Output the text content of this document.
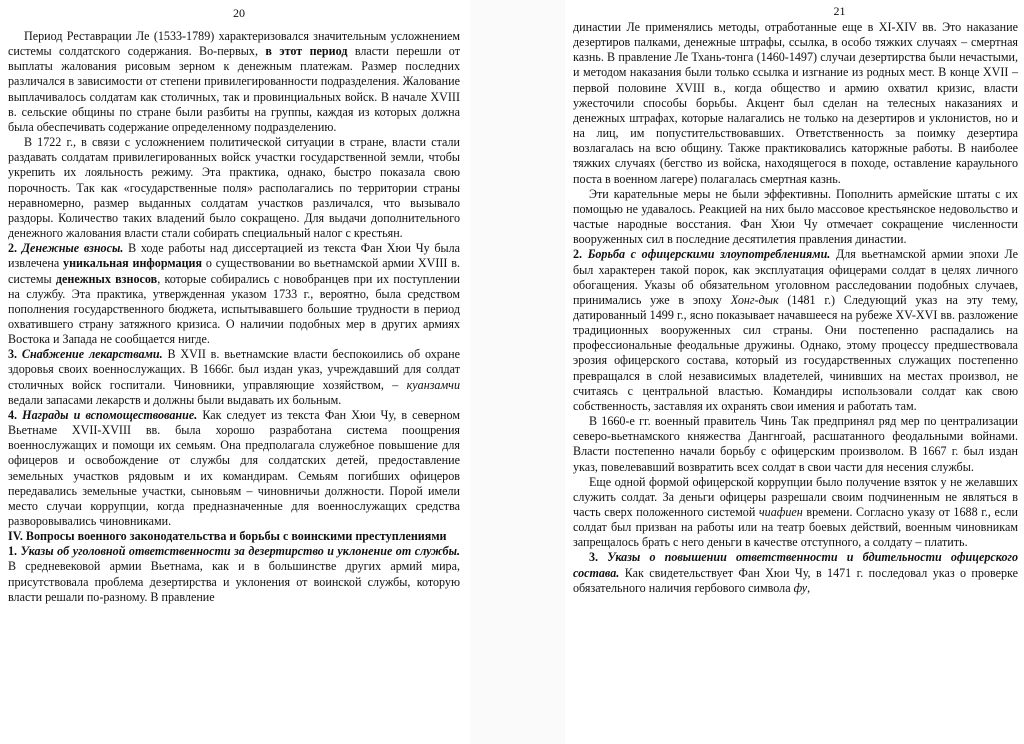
20

Период Реставрации Ле (1533-1789) характеризовался значительным усложнением системы солдатского содержания. Во-первых, в этот период власти перешли от выплаты жалования рисовым зерном к денежным платежам. Размер последних различался в зависимости от степени привилегированности подразделения. Жалование выплачивалось солдатам как столичных, так и провинциальных войск. В начале XVIII в. сельские общины по стране были разбиты на группы, каждая из которых должна была обеспечивать содержание определенному подразделению.

В 1722 г., в связи с усложнением политической ситуации в стране, власти стали раздавать солдатам привилегированных войск участки государственной земли, чтобы укрепить их лояльность режиму. Эта практика, однако, быстро показала свою порочность. Так как «государственные поля» располагались по территории страны неравномерно, размер выданных солдатам участков различался, что вызывало раздоры. Количество таких владений было сокращено. Для выдачи дополнительного денежного жалования власти стали собирать специальный налог с крестьян.

2. Денежные взносы. В ходе работы над диссертацией из текста Фан Хюи Чу была извлечена уникальная информация о существовании во вьетнамской армии XVIII в. системы денежных взносов, которые собирались с новобранцев при их поступлении на службу. Эта практика, утвержденная указом 1733 г., вероятно, была средством пополнения государственного бюджета, испытывавшего большие трудности в период охватившего страну затяжного кризиса. О наличии подобных мер в других армиях Востока и Запада не сообщается нигде.

3. Снабжение лекарствами. В XVII в. вьетнамские власти беспокоились об охране здоровья своих военнослужащих. В 1666г. был издан указ, учреждавший для солдат столичных войск госпитали. Чиновники, управляющие хозяйством, – куанзамчи ведали запасами лекарств и должны были выдавать их больным.

4. Награды и вспомоществование. Как следует из текста Фан Хюи Чу, в северном Вьетнаме XVII-XVIII вв. была хорошо разработана система поощрения военнослужащих и помощи их семьям. Она предполагала служебное повышение для офицеров и освобождение от службы для солдатских детей, предоставление земельных участков рядовым и их командирам. Семьям погибших офицеров передавались земельные участки, сыновьям – чиновничьи должности. Порой имели место случаи коррупции, когда предназначенные для военнослужащих средства разворовывались чиновниками.

IV. Вопросы военного законодательства и борьбы с воинскими преступлениями

1. Указы об уголовной ответственности за дезертирство и уклонение от службы. В средневековой армии Вьетнама, как и в большинстве других армий мира, присутствовала проблема дезертирства и уклонения от воинской службы, которую власти решали по-разному. В правление

21

династии Ле применялись методы, отработанные еще в XI-XIV вв. Это наказание дезертиров палками, денежные штрафы, ссылка, в особо тяжких случаях – смертная казнь. В правление Ле Тхань-тонга (1460-1497) случаи дезертирства были нечастыми, и методом наказания были только ссылка и изгнание из родных мест. В конце XVII – первой половине XVIII в., когда общество и армию охватил кризис, власти ужесточили способы борьбы. Акцент был сделан на телесных наказаниях и денежных штрафах, которые налагались не только на дезертиров и уклонистов, но и на лиц, им попустительствовавших. Ответственность за поимку дезертира возлагалась на всю общину. Также практиковались каторжные работы. В наиболее тяжких случаях (бегство из войска, находящегося в походе, оставление караульного поста в военном лагере) полагалась смертная казнь.

Эти карательные меры не были эффективны. Пополнить армейские штаты с их помощью не удавалось. Реакцией на них было массовое крестьянское недовольство и частые народные восстания. Фан Хюи Чу отмечает сокращение численности вооруженных сил в последние десятилетия правления династии.

2. Борьба с офицерскими злоупотреблениями. Для вьетнамской армии эпохи Ле был характерен такой порок, как эксплуатация офицерами солдат в целях личного обогащения. Указы об обязательном уголовном расследовании подобных случаев, принимались уже в эпоху Хонг-дык (1481 г.) Следующий указ на эту тему, датированный 1499 г., ясно показывает начавшееся на рубеже XV-XVI вв. разложение традиционных вооруженных сил страны. Они постепенно распадались на профессиональные феодальные дружины. Однако, этому процессу предшествовала эрозия офицерского состава, который из государственных служащих постепенно превращался в слой независимых владетелей, чинивших на местах произвол, не считаясь с центральной властью. Командиры использовали солдат как свою собственность, заставляя их охранять свои имения и работать там.

В 1660-е гг. военный правитель Чинь Так предпринял ряд мер по централизации северо-вьетнамского княжества Дангнгоай, расшатанного феодальными войнами. Власти постепенно начали борьбу с офицерским произволом. В 1667 г. был издан указ, повелевавший возвратить всех солдат в свои части для несения службы.

Еще одной формой офицерской коррупции было получение взяток у не желавших служить солдат. За деньги офицеры разрешали своим подчиненным не являться в часть сверх положенного системой чиафиен времени. Согласно указу от 1688 г., если солдат был призван на работы или на театр боевых действий, военным чиновникам запрещалось брать с него деньги в качестве отступного, а солдату – платить.

3. Указы о повышении ответственности и бдительности офицерского состава. Как свидетельствует Фан Хюи Чу, в 1471 г. последовал указ о проверке обязательного наличия гербового символа фу,
